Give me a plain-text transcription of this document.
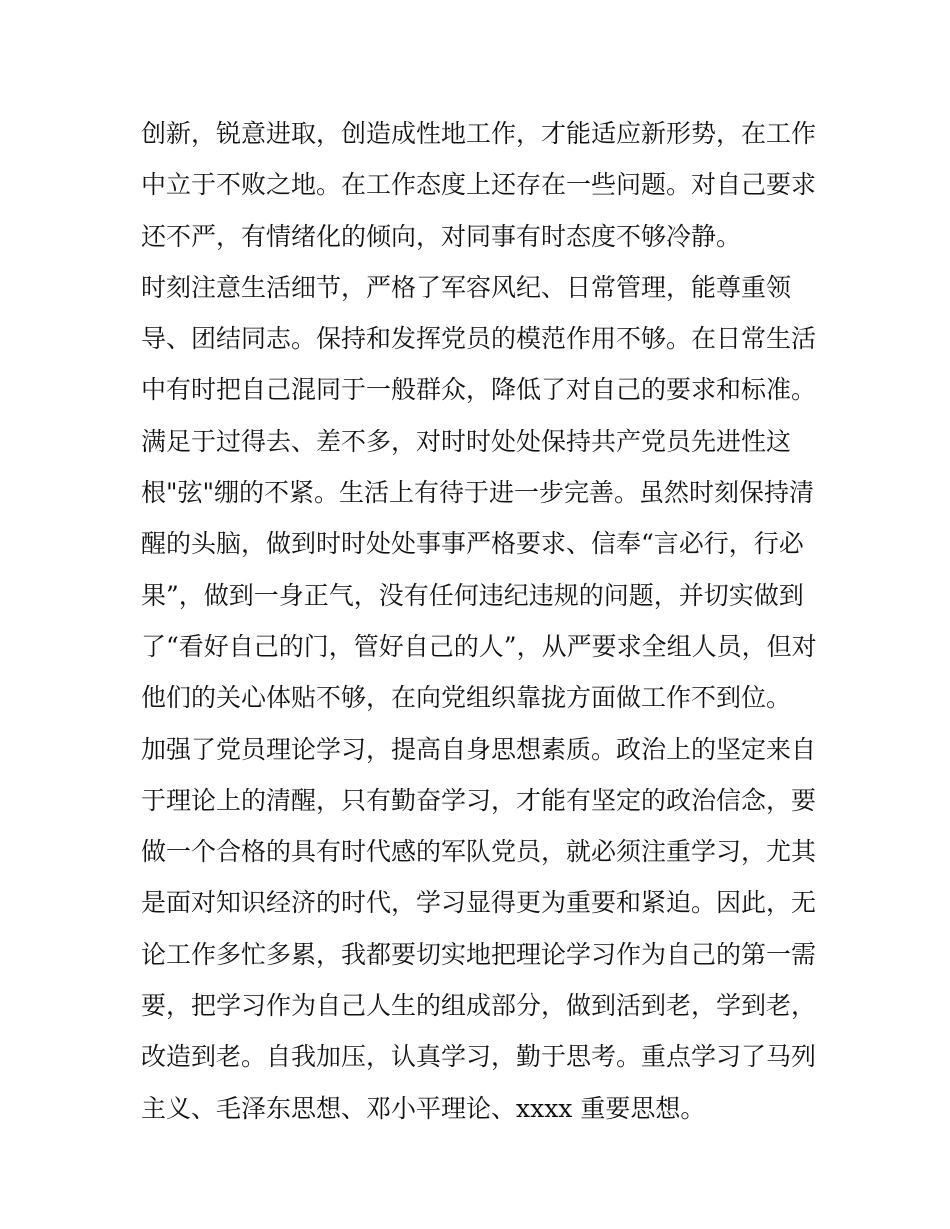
创新，锐意进取，创造成性地工作，才能适应新形势，在工作
中立于不败之地。在工作态度上还存在一些问题。对自己要求
还不严，有情绪化的倾向，对同事有时态度不够冷静。
时刻注意生活细节，严格了军容风纪、日常管理，能尊重领
导、团结同志。保持和发挥党员的模范作用不够。在日常生活
中有时把自己混同于一般群众，降低了对自己的要求和标准。
满足于过得去、差不多，对时时处处保持共产党员先进性这
根"弦"绷的不紧。生活上有待于进一步完善。虽然时刻保持清
醒的头脑，做到时时处处事事严格要求、信奉“言必行，行必
果”，做到一身正气，没有任何违纪违规的问题，并切实做到
了“看好自己的门，管好自己的人”，从严要求全组人员，但对
他们的关心体贴不够，在向党组织靠拢方面做工作不到位。
加强了党员理论学习，提高自身思想素质。政治上的坚定来自
于理论上的清醒，只有勤奋学习，才能有坚定的政治信念，要
做一个合格的具有时代感的军队党员，就必须注重学习，尤其
是面对知识经济的时代，学习显得更为重要和紧迫。因此，无
论工作多忙多累，我都要切实地把理论学习作为自己的第一需
要，把学习作为自己人生的组成部分，做到活到老，学到老，
改造到老。自我加压，认真学习，勤于思考。重点学习了马列
主义、毛泽东思想、邓小平理论、xxxx 重要思想。
